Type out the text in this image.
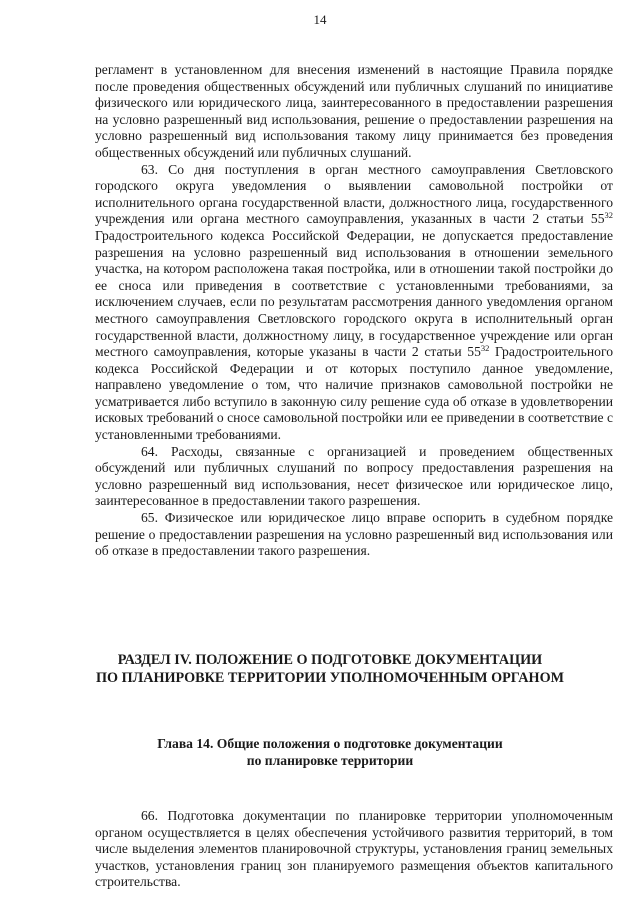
14

регламент в установленном для внесения изменений в настоящие Правила порядке после проведения общественных обсуждений или публичных слушаний по инициативе физического или юридического лица, заинтересованного в предоставлении разрешения на условно разрешенный вид использования, решение о предоставлении разрешения на условно разрешенный вид использования такому лицу принимается без проведения общественных обсуждений или публичных слушаний.

63. Со дня поступления в орган местного самоуправления Светловского городского округа уведомления о выявлении самовольной постройки от исполнительного органа государственной власти, должностного лица, государственного учреждения или органа местного самоуправления, указанных в части 2 статьи $55^{32}$ Градостроительного кодекса Российской Федерации, не допускается предоставление разрешения на условно разрешенный вид использования в отношении земельного участка, на котором расположена такая постройка, или в отношении такой постройки до ее сноса или приведения в соответствие с установленными требованиями, за исключением случаев, если по результатам рассмотрения данного уведомления органом местного самоуправления Светловского городского округа в исполнительный орган государственной власти, должностному лицу, в государственное учреждение или орган местного самоуправления, которые указаны в части 2 статьи $55^{32}$ Градостроительного кодекса Российской Федерации и от которых поступило данное уведомление, направлено уведомление о том, что наличие признаков самовольной постройки не усматривается либо вступило в законную силу решение суда об отказе в удовлетворении исковых требований о сносе самовольной постройки или ее приведении в соответствие с установленными требованиями.

64. Расходы, связанные с организацией и проведением общественных обсуждений или публичных слушаний по вопросу предоставления разрешения на условно разрешенный вид использования, несет физическое или юридическое лицо, заинтересованное в предоставлении такого разрешения.

65. Физическое или юридическое лицо вправе оспорить в судебном порядке решение о предоставлении разрешения на условно разрешенный вид использования или об отказе в предоставлении такого разрешения.

РАЗДЕЛ IV. ПОЛОЖЕНИЕ О ПОДГОТОВКЕ ДОКУМЕНТАЦИИ
ПО ПЛАНИРОВКЕ ТЕРРИТОРИИ УПОЛНОМОЧЕННЫМ ОРГАНОМ
Глава 14. Общие положения о подготовке документации
по планировке территории

66. Подготовка документации по планировке территории уполномоченным органом осуществляется в целях обеспечения устойчивого развития территорий, в том числе выделения элементов планировочной структуры, установления границ земельных участков, установления границ зон планируемого размещения объектов капитального строительства.
